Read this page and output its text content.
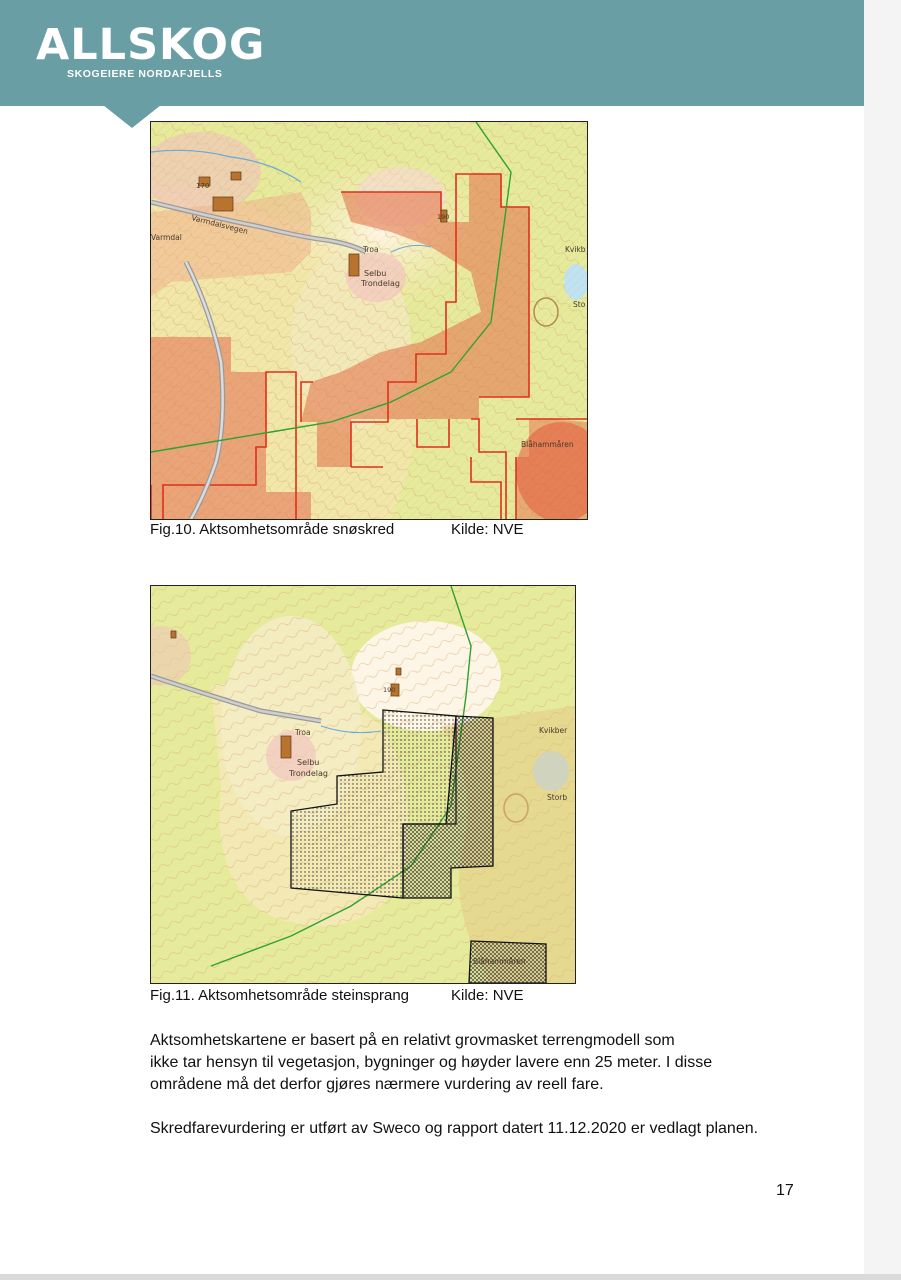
ALLSKOG
SKOGEIERE NORDAFJELLS
170
Varmdalsvegen
Varmdal
Troa
Selbu
Trondelag
190
Kvikb
Sto
Blåhammåren
Fig.10. Aktsomhetsområde snøskred	Kilde: NVE
190
Troa
Selbu
Trondelag
Kvikber
Storb
Blåhammåren
Fig.11. Aktsomhetsområde steinsprang	Kilde: NVE
Aktsomhetskartene er basert på en relativt grovmasket terrengmodell som
ikke tar hensyn til vegetasjon, bygninger og høyder lavere enn 25 meter. I disse
områdene må det derfor gjøres nærmere vurdering av reell fare.
Skredfarevurdering er utført av Sweco og rapport datert 11.12.2020 er vedlagt planen.
17
